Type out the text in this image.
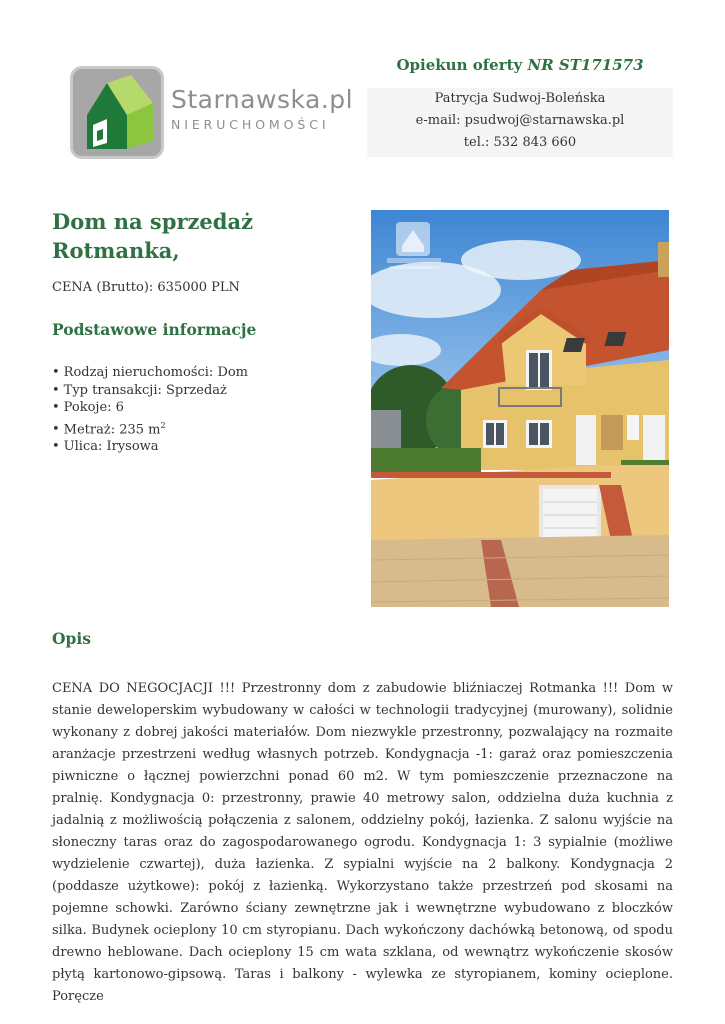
Starnawska.pl
NIERUCHOMOŚCI
Opiekun oferty NR ST171573
Patrycja Sudwoj-Boleńska
e-mail: psudwoj@starnawska.pl
tel.: 532 843 660
Dom na sprzedaż
Rotmanka,
CENA (Brutto): 635000 PLN
Podstawowe informacje
• Rodzaj nieruchomości: Dom
• Typ transakcji: Sprzedaż
• Pokoje: 6
• Metraż: 235 $m^2$
• Ulica: Irysowa
Opis

CENA DO NEGOCJACJI !!! Przestronny dom z zabudowie bliźniaczej Rotmanka !!! Dom w stanie deweloperskim wybudowany w całości w technologii tradycyjnej (murowany), solidnie wykonany z dobrej jakości materiałów. Dom niezwykle przestronny, pozwalający na rozmaite aranżacje przestrzeni według własnych potrzeb. Kondygnacja -1: garaż oraz pomieszczenia piwniczne o łącznej powierzchni ponad 60 m2. W tym pomieszczenie przeznaczone na pralnię. Kondygnacja 0: przestronny, prawie 40 metrowy salon, oddzielna duża kuchnia z jadalnią z możliwością połączenia z salonem, oddzielny pokój, łazienka. Z salonu wyjście na słoneczny taras oraz do zagospodarowanego ogrodu. Kondygnacja 1: 3 sypialnie (możliwe wydzielenie czwartej), duża łazienka. Z sypialni wyjście na 2 balkony. Kondygnacja 2 (poddasze użytkowe): pokój z łazienką. Wykorzystano także przestrzeń pod skosami na pojemne schowki. Zarówno ściany zewnętrzne jak i wewnętrzne wybudowano z bloczków silka. Budynek ocieplony 10 cm styropianu. Dach wykończony dachówką betonową, od spodu drewno heblowane. Dach ocieplony 15 cm wata szklana, od wewnątrz wykończenie skosów płytą kartonowo-gipsową. Taras i balkony - wylewka ze styropianem, kominy ocieplone. Poręcze
